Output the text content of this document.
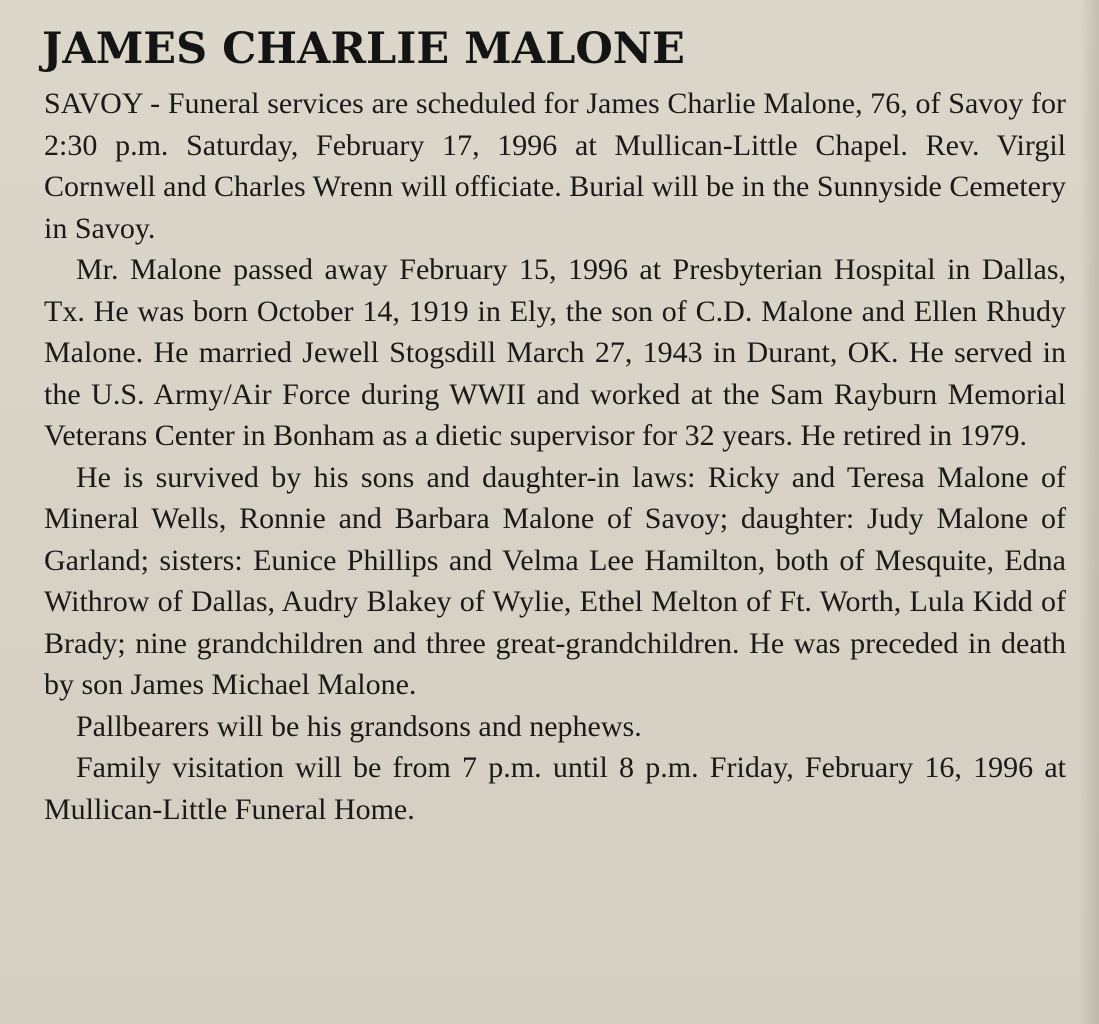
JAMES CHARLIE MALONE

SAVOY - Funeral services are scheduled for James Charlie Malone, 76, of Savoy for 2:30 p.m. Saturday, February 17, 1996 at Mullican-Little Chapel. Rev. Virgil Cornwell and Charles Wrenn will officiate. Burial will be in the Sunnyside Cemetery in Savoy.

Mr. Malone passed away February 15, 1996 at Presbyterian Hospital in Dallas, Tx. He was born October 14, 1919 in Ely, the son of C.D. Malone and Ellen Rhudy Malone. He married Jewell Stogsdill March 27, 1943 in Durant, OK. He served in the U.S. Army/Air Force during WWII and worked at the Sam Rayburn Memorial Veterans Center in Bonham as a dietic supervisor for 32 years. He retired in 1979.

He is survived by his sons and daughter-in laws: Ricky and Teresa Malone of Mineral Wells, Ronnie and Barbara Malone of Savoy; daughter: Judy Malone of Garland; sisters: Eunice Phillips and Velma Lee Hamilton, both of Mesquite, Edna Withrow of Dallas, Audry Blakey of Wylie, Ethel Melton of Ft. Worth, Lula Kidd of Brady; nine grandchildren and three great-grandchildren. He was preceded in death by son James Michael Malone.

Pallbearers will be his grandsons and nephews.

Family visitation will be from 7 p.m. until 8 p.m. Friday, February 16, 1996 at Mullican-Little Funeral Home.
